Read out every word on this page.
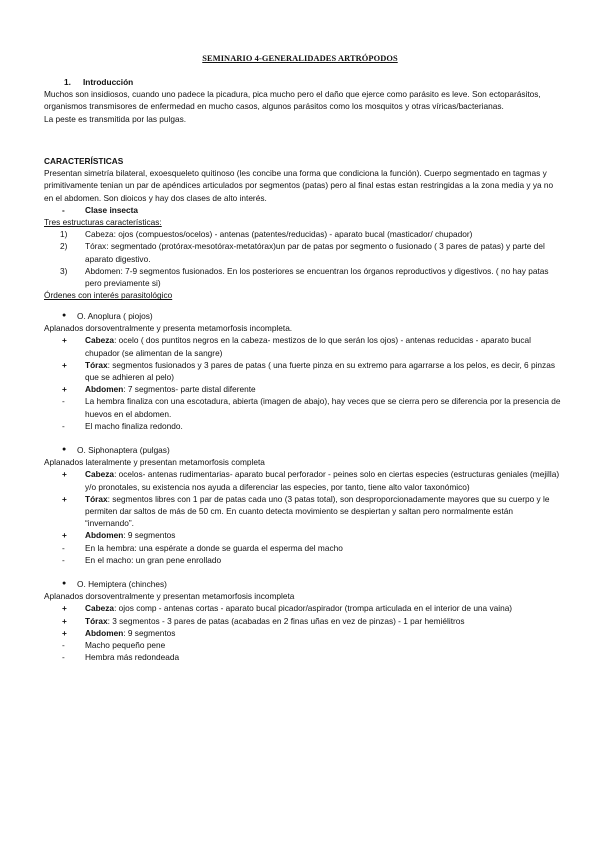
SEMINARIO 4-GENERALIDADES ARTRÓPODOS

1. Introducción

Muchos son insidiosos, cuando uno padece la picadura, pica mucho pero el daño que ejerce como parásito es leve. Son ectoparásitos, organismos transmisores de enfermedad en mucho casos, algunos parásitos como los mosquitos y otras víricas/bacterianas.

La peste es transmitida por las pulgas.

CARACTERÍSTICAS

Presentan simetría bilateral, exoesqueleto quitinoso (les concibe una forma que condiciona la función). Cuerpo segmentado en tagmas y primitivamente tenian un par de apéndices articulados por segmentos (patas) pero al final estas estan restringidas a la zona media y ya no en el abdomen. Son dioicos y hay dos clases de alto interés.

- Clase insecta

Tres estructuras características:

1) Cabeza: ojos (compuestos/ocelos) - antenas (patentes/reducidas) - aparato bucal (masticador/ chupador)
2) Tórax: segmentado (protórax-mesotórax-metatórax)un par de patas por segmento o fusionado ( 3 pares de patas) y parte del aparato digestivo.
3) Abdomen: 7-9 segmentos fusionados. En los posteriores se encuentran los órganos reproductivos y digestivos. ( no hay patas pero previamente si)

Órdenes con interés parasitológico

● O. Anoplura ( piojos)

Aplanados dorsoventralmente y presenta metamorfosis incompleta.

+ Cabeza: ocelo ( dos puntitos negros en la cabeza- mestizos de lo que serán los ojos) - antenas reducidas - aparato bucal chupador (se alimentan de la sangre)
+ Tórax: segmentos fusionados y 3 pares de patas ( una fuerte pinza en su extremo para agarrarse a los pelos, es decir, 6 pinzas que se adhieren al pelo)
+ Abdomen: 7 segmentos- parte distal diferente
- La hembra finaliza con una escotadura, abierta (imagen de abajo), hay veces que se cierra pero se diferencia por la presencia de huevos en el abdomen.
- El macho finaliza redondo.
● O. Siphonaptera (pulgas)

Aplanados lateralmente y presentan metamorfosis completa

+ Cabeza: ocelos- antenas rudimentarias- aparato bucal perforador - peines solo en ciertas especies (estructuras geniales (mejilla) y/o pronotales, su existencia nos ayuda a diferenciar las especies, por tanto, tiene alto valor taxonómico)
+ Tórax: segmentos libres con 1 par de patas cada uno (3 patas total), son desproporcionadamente mayores que su cuerpo y le permiten dar saltos de más de 50 cm. En cuanto detecta movimiento se despiertan y saltan pero normalmente están “invernando”.
+ Abdomen: 9 segmentos
- En la hembra: una espérate a donde se guarda el esperma del macho
- En el macho: un gran pene enrollado
● O. Hemiptera (chinches)

Aplanados dorsoventralmente y presentan metamorfosis incompleta

+ Cabeza: ojos comp - antenas cortas - aparato bucal picador/aspirador (trompa articulada en el interior de una vaina)
+ Tórax: 3 segmentos - 3 pares de patas (acabadas en 2 finas uñas en vez de pinzas) - 1 par hemiélitros
+ Abdomen: 9 segmentos
- Macho pequeño pene
- Hembra más redondeada
